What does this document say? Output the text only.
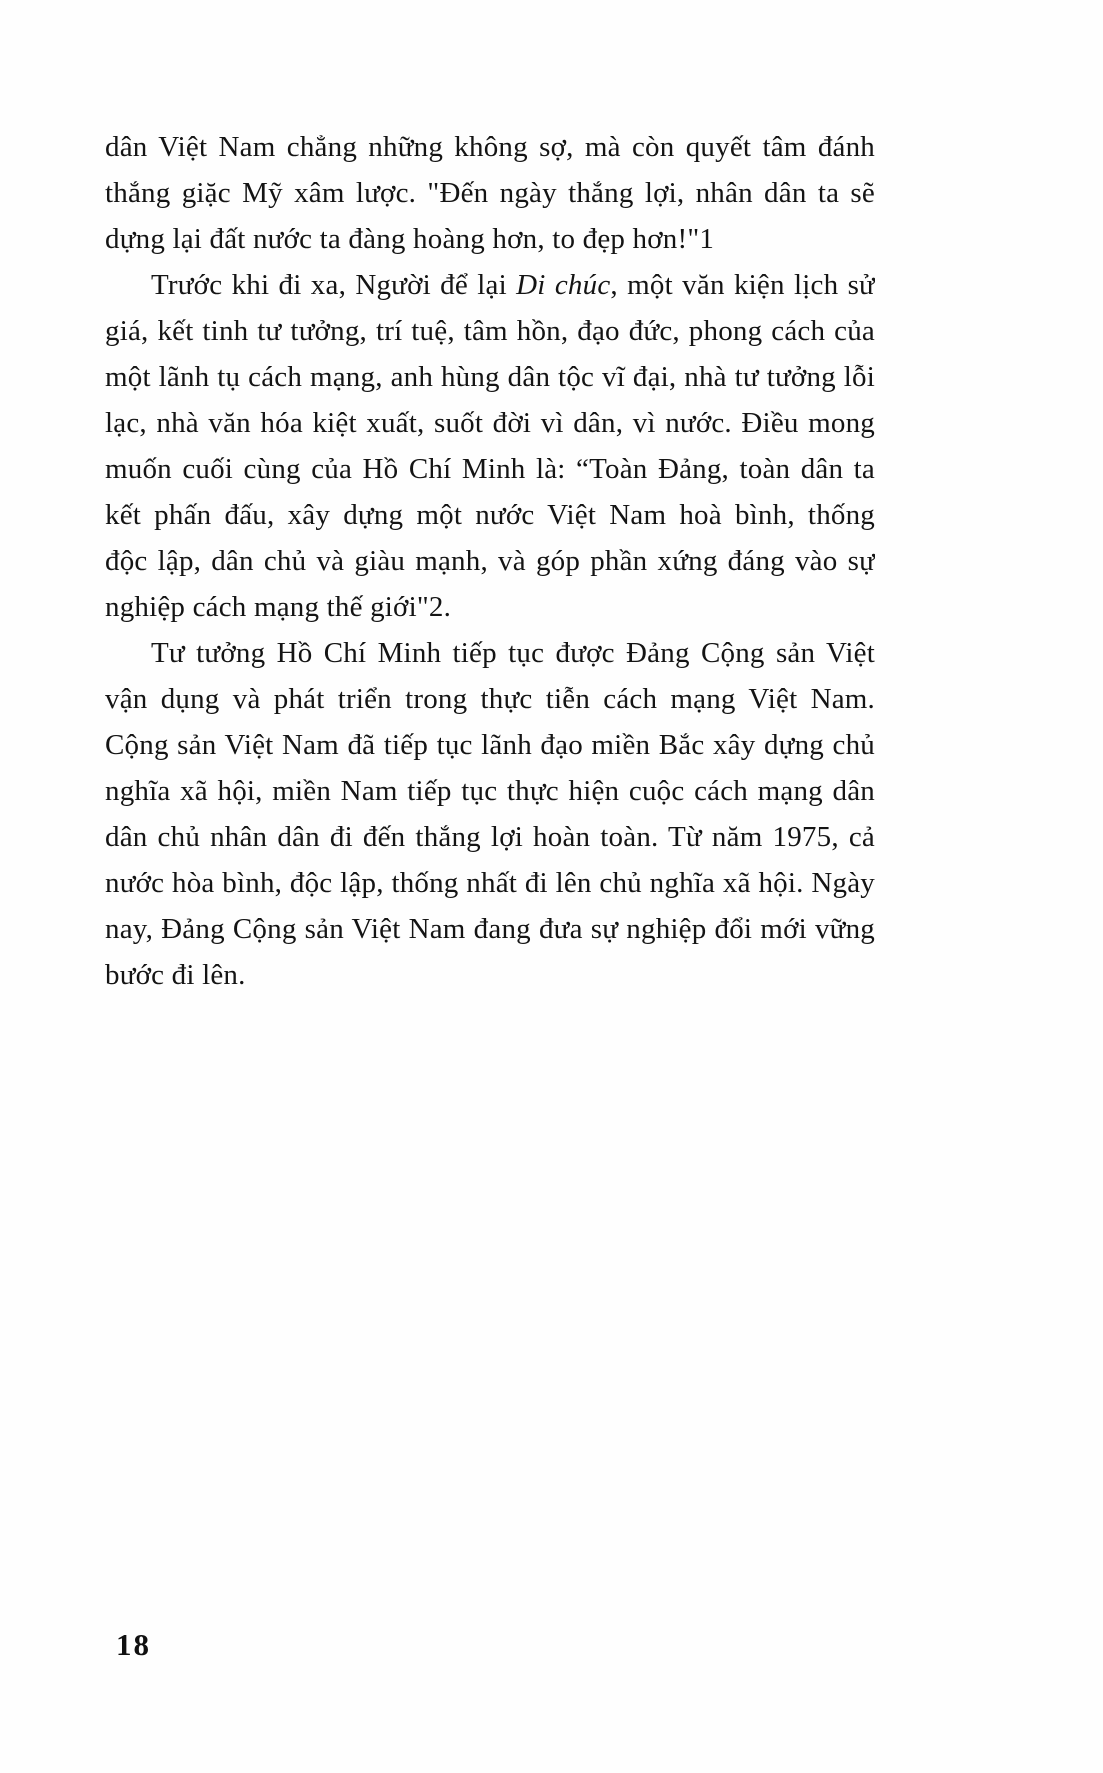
dân Việt Nam chẳng những không sợ, mà còn quyết tâm đánh
thắng giặc Mỹ xâm lược. "Đến ngày thắng lợi, nhân dân ta sẽ
dựng lại đất nước ta đàng hoàng hơn, to đẹp hơn!"1
Trước khi đi xa, Người để lại Di chúc, một văn kiện lịch sử
giá, kết tinh tư tưởng, trí tuệ, tâm hồn, đạo đức, phong cách của
một lãnh tụ cách mạng, anh hùng dân tộc vĩ đại, nhà tư tưởng lỗi
lạc, nhà văn hóa kiệt xuất, suốt đời vì dân, vì nước. Điều mong
muốn cuối cùng của Hồ Chí Minh là: “Toàn Đảng, toàn dân ta
kết phấn đấu, xây dựng một nước Việt Nam hoà bình, thống
độc lập, dân chủ và giàu mạnh, và góp phần xứng đáng vào sự
nghiệp cách mạng thế giới"2.
Tư tưởng Hồ Chí Minh tiếp tục được Đảng Cộng sản Việt
vận dụng và phát triển trong thực tiễn cách mạng Việt Nam.
Cộng sản Việt Nam đã tiếp tục lãnh đạo miền Bắc xây dựng chủ
nghĩa xã hội, miền Nam tiếp tục thực hiện cuộc cách mạng dân
dân chủ nhân dân đi đến thắng lợi hoàn toàn. Từ năm 1975, cả
nước hòa bình, độc lập, thống nhất đi lên chủ nghĩa xã hội. Ngày
nay, Đảng Cộng sản Việt Nam đang đưa sự nghiệp đổi mới vững
bước đi lên.
18
